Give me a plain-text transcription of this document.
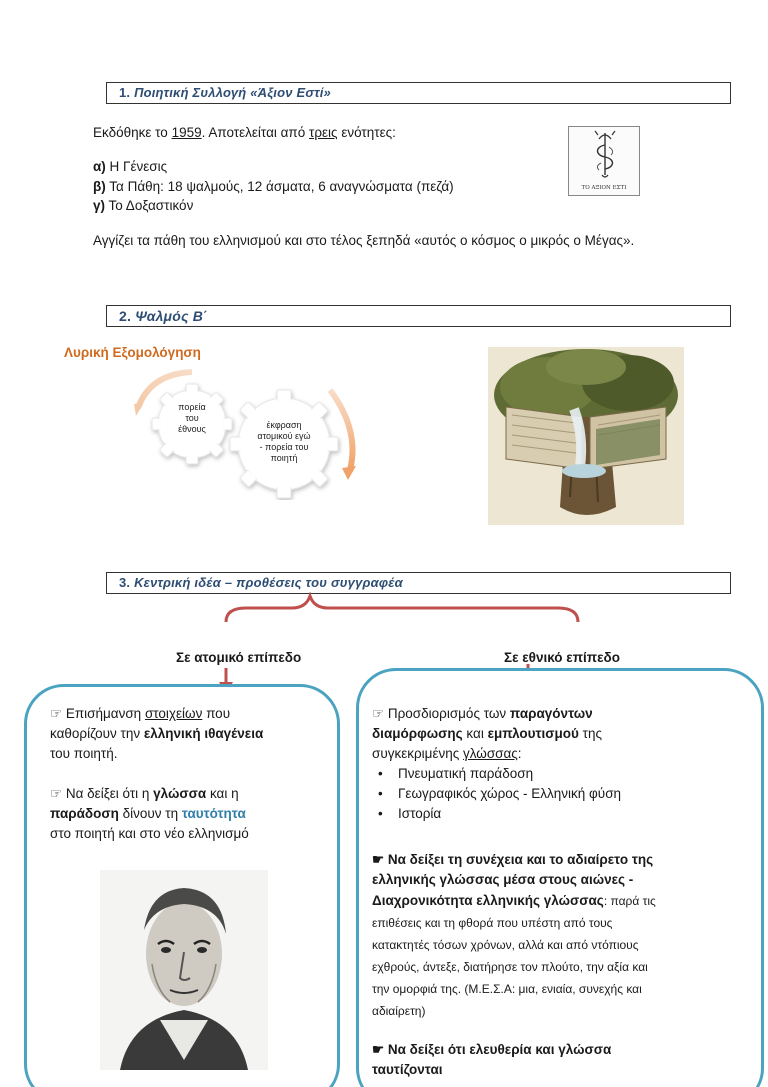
1. Ποιητική Συλλογή «Άξιον Εστί»
Εκδόθηκε το 1959. Αποτελείται από τρεις ενότητες:
α) Η Γένεσις
β) Τα Πάθη: 18 ψαλμούς, 12 άσματα, 6 αναγνώσματα (πεζά)
γ) Το Δοξαστικόν
Αγγίζει τα πάθη του ελληνισμού και στο τέλος ξεπηδά «αυτός ο κόσμος ο μικρός ο Μέγας».
ΤΟ ΑΞΙΟΝ ΕΣΤΙ
2. Ψαλμός Β΄
Λυρική Εξομολόγηση
πορεία
του
έθνους	έκφραση
ατομικού εγώ
- πορεία του
ποιητή
3. Κεντρική ιδέα – προθέσεις του συγγραφέα
Σε ατομικό επίπεδο	Σε εθνικό επίπεδο
☞ Επισήμανση στοιχείων που
καθορίζουν την ελληνική ιθαγένεια
του ποιητή.
☞ Να δείξει ότι η γλώσσα και η
παράδοση δίνουν τη ταυτότητα
στο ποιητή και στο νέο ελληνισμό
☞ Προσδιορισμός των παραγόντων
διαμόρφωσης και εμπλουτισμού της
συγκεκριμένης γλώσσας:
• Πνευματική παράδοση
• Γεωγραφικός χώρος - Ελληνική φύση
• Ιστορία
☛ Να δείξει τη συνέχεια και το αδιαίρετο της
ελληνικής γλώσσας μέσα στους αιώνες -
Διαχρονικότητα ελληνικής γλώσσας: παρά τις
επιθέσεις και τη φθορά που υπέστη από τους
κατακτητές τόσων χρόνων, αλλά και από ντόπιους
εχθρούς, άντεξε, διατήρησε τον πλούτο, την αξία και
την ομορφιά της. (Μ.Ε.Σ.Α: μια, ενιαία, συνεχής και
αδιαίρετη)
☛ Να δείξει ότι ελευθερία και γλώσσα
ταυτίζονται
